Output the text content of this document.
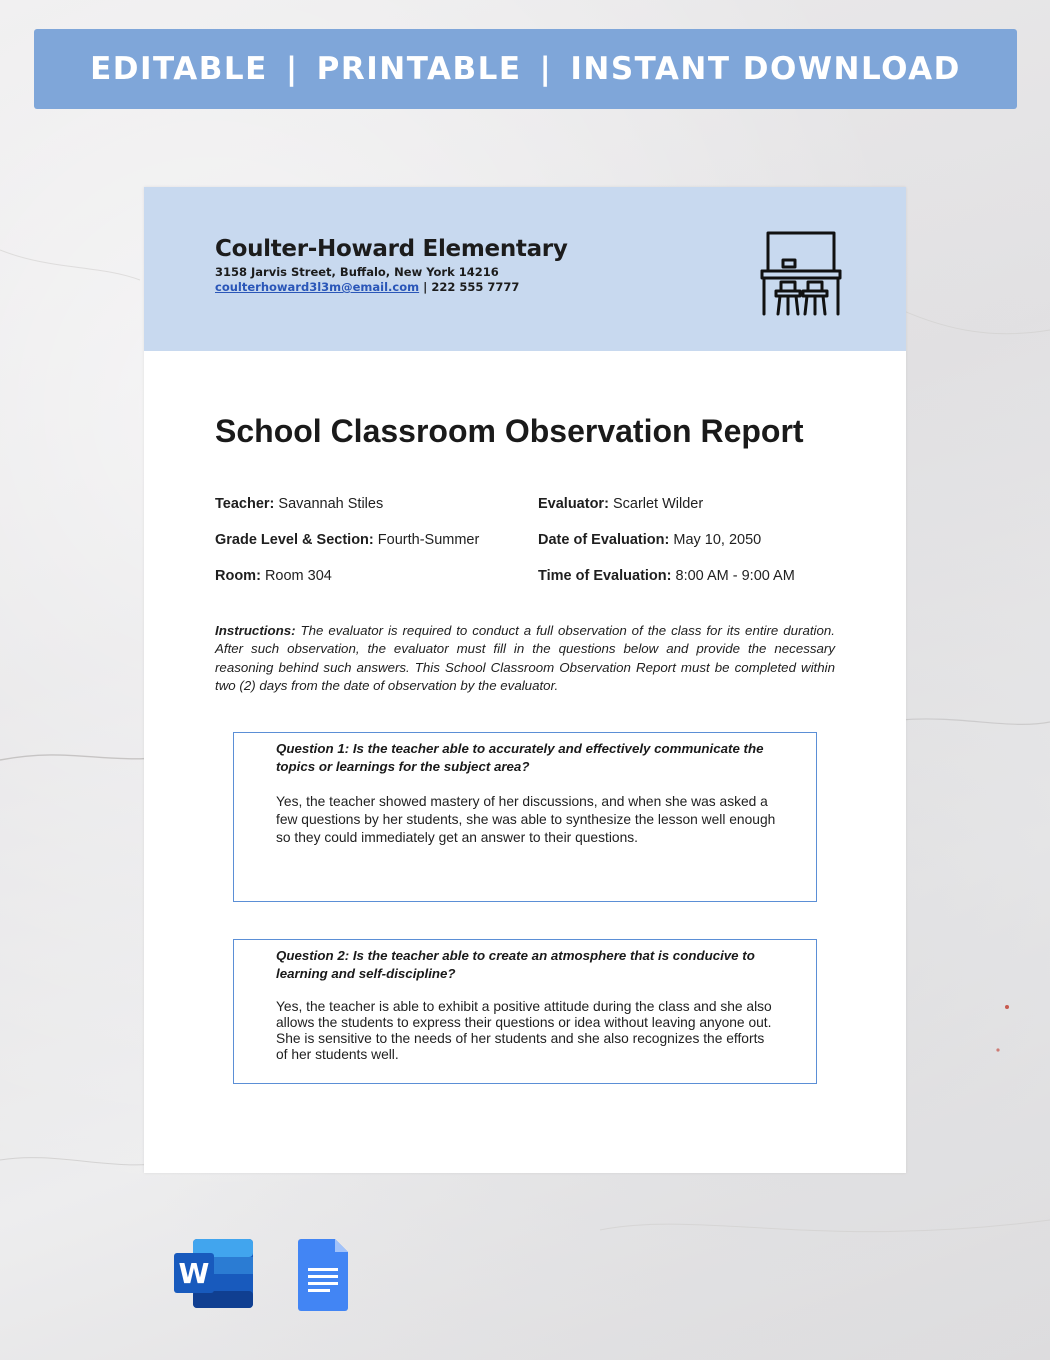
EDITABLE | PRINTABLE | INSTANT DOWNLOAD
Coulter-Howard Elementary
3158 Jarvis Street, Buffalo, New York 14216
coulterhoward3l3m@email.com | 222 555 7777
School Classroom Observation Report
Teacher: Savannah Stiles	Evaluator: Scarlet Wilder
Grade Level & Section: Fourth-Summer	Date of Evaluation: May 10, 2050
Room: Room 304	Time of Evaluation: 8:00 AM - 9:00 AM
Instructions: The evaluator is required to conduct a full observation of the class for its entire duration. After such observation, the evaluator must fill in the questions below and provide the necessary reasoning behind such answers. This School Classroom Observation Report must be completed within two (2) days from the date of observation by the evaluator.
Question 1: Is the teacher able to accurately and effectively communicate the topics or learnings for the subject area?
Yes, the teacher showed mastery of her discussions, and when she was asked a few questions by her students, she was able to synthesize the lesson well enough so they could immediately get an answer to their questions.
Question 2: Is the teacher able to create an atmosphere that is conducive to learning and self-discipline?
Yes, the teacher is able to exhibit a positive attitude during the class and she also allows the students to express their questions or idea without leaving anyone out. She is sensitive to the needs of her students and she also recognizes the efforts of her students well.
W
